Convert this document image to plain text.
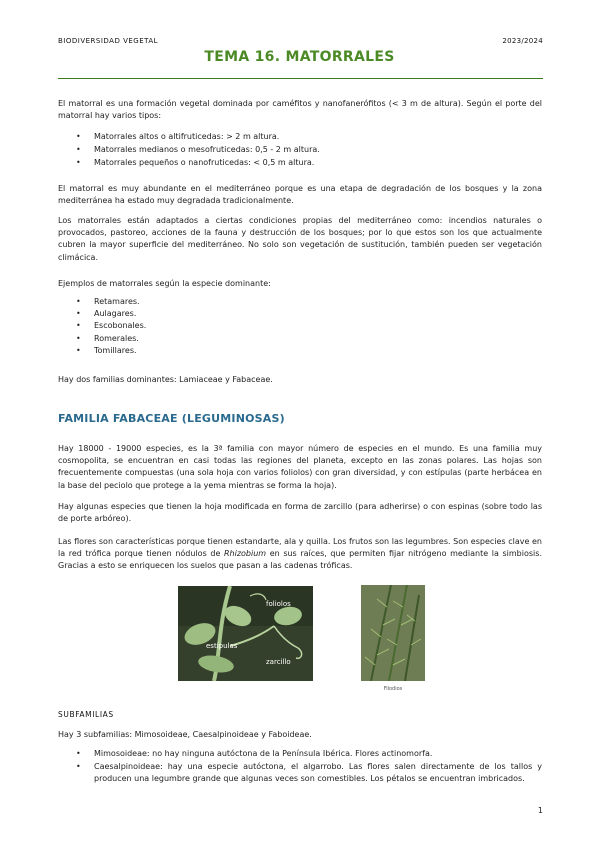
BIODIVERSIDAD VEGETAL	2023/2024
TEMA 16. MATORRALES

El matorral es una formación vegetal dominada por caméfitos y nanofanerófitos (< 3 m de altura). Según el porte del matorral hay varios tipos:

• Matorrales altos o altifruticedas: > 2 m altura.
• Matorrales medianos o mesofruticedas: 0,5 - 2 m altura.
• Matorrales pequeños o nanofruticedas: < 0,5 m altura.

El matorral es muy abundante en el mediterráneo porque es una etapa de degradación de los bosques y la zona mediterránea ha estado muy degradada tradicionalmente.

Los matorrales están adaptados a ciertas condiciones propias del mediterráneo como: incendios naturales o provocados, pastoreo, acciones de la fauna y destrucción de los bosques; por lo que estos son los que actualmente cubren la mayor superficie del mediterráneo. No solo son vegetación de sustitución, también pueden ser vegetación climácica.

Ejemplos de matorrales según la especie dominante:

• Retamares.
• Aulagares.
• Escobonales.
• Romerales.
• Tomillares.

Hay dos familias dominantes: Lamiaceae y Fabaceae.

FAMILIA FABACEAE (LEGUMINOSAS)

Hay 18000 - 19000 especies, es la 3ª familia con mayor número de especies en el mundo. Es una familia muy cosmopolita, se encuentran en casi todas las regiones del planeta, excepto en las zonas polares. Las hojas son frecuentemente compuestas (una sola hoja con varios foliolos) con gran diversidad, y con estípulas (parte herbácea en la base del peciolo que protege a la yema mientras se forma la hoja).

Hay algunas especies que tienen la hoja modificada en forma de zarcillo (para adherirse) o con espinas (sobre todo las de porte arbóreo).

Las flores son características porque tienen estandarte, ala y quilla. Los frutos son las legumbres. Son especies clave en la red trófica porque tienen nódulos de Rhizobium en sus raíces, que permiten fijar nitrógeno mediante la simbiosis. Gracias a esto se enriquecen los suelos que pasan a las cadenas tróficas.

foliolos
estípulas
zarcillo
Filodios
SUBFAMILIAS

Hay 3 subfamilias: Mimosoideae, Caesalpinoideae y Faboideae.

• Mimosoideae: no hay ninguna autóctona de la Península Ibérica. Flores actinomorfa.
• Caesalpinoideae: hay una especie autóctona, el algarrobo. Las flores salen directamente de los tallos y producen una legumbre grande que algunas veces son comestibles. Los pétalos se encuentran imbricados.
1
